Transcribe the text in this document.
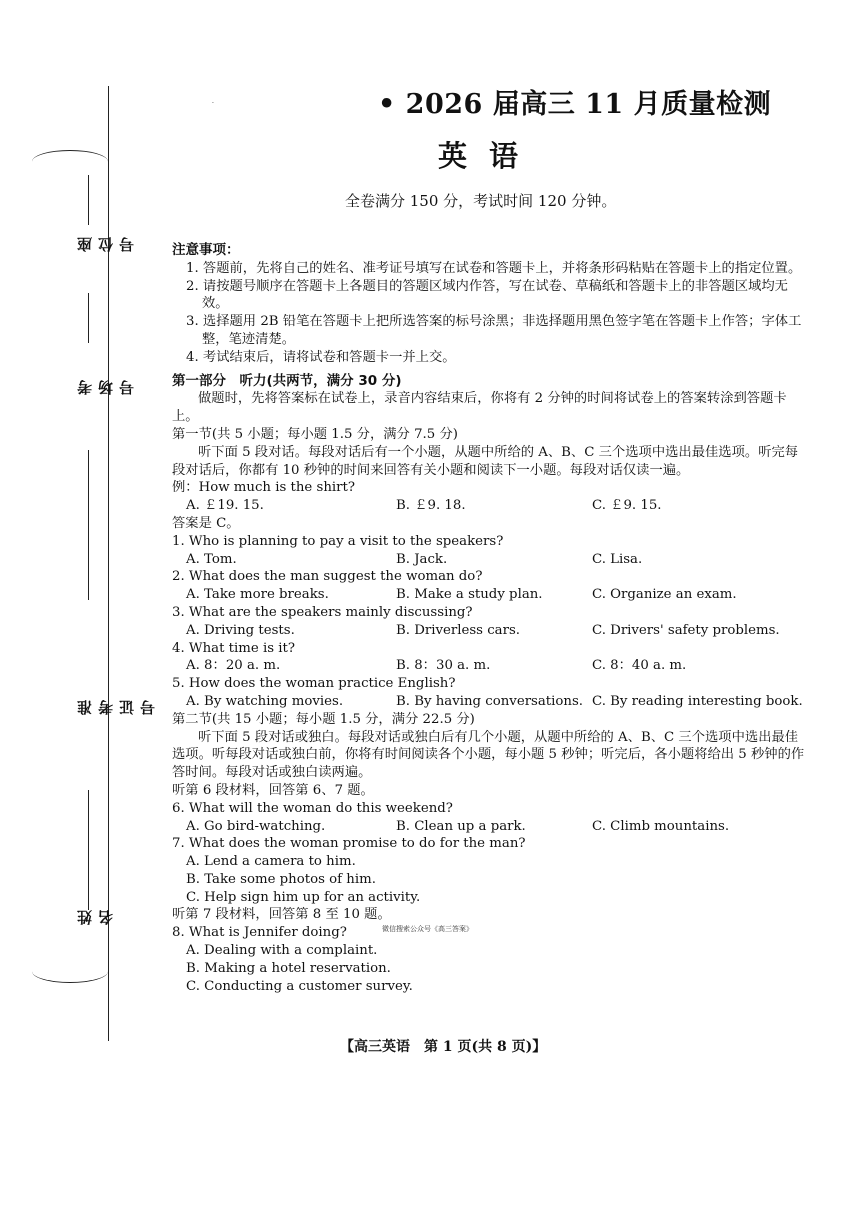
座位号
考场号
准考证号
姓名
·	• 2026 届高三 11 月质量检测
英语
全卷满分 150 分，考试时间 120 分钟。

注意事项：

1. 答题前，先将自己的姓名、准考证号填写在试卷和答题卡上，并将条形码粘贴在答题卡上的指定位置。

2. 请按题号顺序在答题卡上各题目的答题区域内作答，写在试卷、草稿纸和答题卡上的非答题区域均无效。

3. 选择题用 2B 铅笔在答题卡上把所选答案的标号涂黑；非选择题用黑色签字笔在答题卡上作答；字体工整，笔迹清楚。

4. 考试结束后，请将试卷和答题卡一并上交。

第一部分　听力(共两节，满分 30 分)

做题时，先将答案标在试卷上，录音内容结束后，你将有 2 分钟的时间将试卷上的答案转涂到答题卡上。

第一节(共 5 小题；每小题 1.5 分，满分 7.5 分)

听下面 5 段对话。每段对话后有一个小题，从题中所给的 A、B、C 三个选项中选出最佳选项。听完每段对话后，你都有 10 秒钟的时间来回答有关小题和阅读下一小题。每段对话仅读一遍。

例：How much is the shirt?

A. ￡19. 15.	B. ￡9. 18.	C. ￡9. 15.

答案是 C。

1. Who is planning to pay a visit to the speakers?

A. Tom.	B. Jack.	C. Lisa.

2. What does the man suggest the woman do?

A. Take more breaks.	B. Make a study plan.	C. Organize an exam.

3. What are the speakers mainly discussing?

A. Driving tests.	B. Driverless cars.	C. Drivers' safety problems.

4. What time is it?

A. 8：20 a. m.	B. 8：30 a. m.	C. 8：40 a. m.

5. How does the woman practice English?

A. By watching movies.	B. By having conversations. C. By reading interesting book.

第二节(共 15 小题；每小题 1.5 分，满分 22.5 分)

听下面 5 段对话或独白。每段对话或独白后有几个小题，从题中所给的 A、B、C 三个选项中选出最佳选项。听每段对话或独白前，你将有时间阅读各个小题，每小题 5 秒钟；听完后，各小题将给出 5 秒钟的作答时间。每段对话或独白读两遍。

听第 6 段材料，回答第 6、7 题。

6. What will the woman do this weekend?

A. Go bird-watching.	B. Clean up a park.	C. Climb mountains.

7. What does the woman promise to do for the man?

A. Lend a camera to him.

B. Take some photos of him.

C. Help sign him up for an activity.

听第 7 段材料，回答第 8 至 10 题。

8. What is Jennifer doing?

A. Dealing with a complaint.

B. Making a hotel reservation.

C. Conducting a customer survey.

微信搜索公众号《高三答案》
【高三英语　第 1 页(共 8 页)】
